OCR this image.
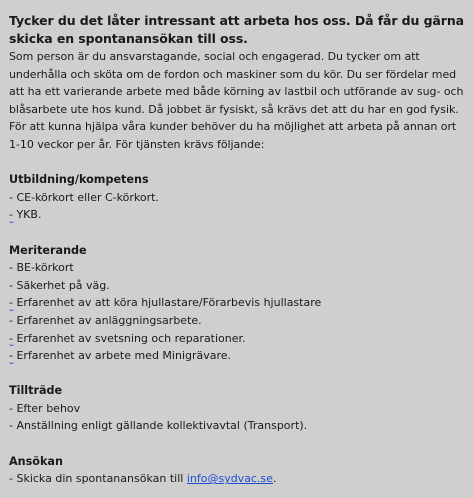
Tycker du det låter intressant att arbeta hos oss. Då får du gärna skicka en spontanansökan till oss.

Som person är du ansvarstagande, social och engagerad. Du tycker om att underhålla och sköta om de fordon och maskiner som du kör. Du ser fördelar med att ha ett varierande arbete med både körning av lastbil och utförande av sug- och blåsarbete ute hos kund. Då jobbet är fysiskt, så krävs det att du har en god fysik. För att kunna hjälpa våra kunder behöver du ha möjlighet att arbeta på annan ort 1-10 veckor per år. För tjänsten krävs följande:

Utbildning/kompetens

- CE-körkort eller C-körkort.
- YKB.

Meriterande

- BE-körkort
- Säkerhet på väg.
- Erfarenhet av att köra hjullastare/Förarbevis hjullastare
- Erfarenhet av anläggningsarbete.
- Erfarenhet av svetsning och reparationer.
- Erfarenhet av arbete med Minigrävare.

Tillträde

- Efter behov
- Anställning enligt gällande kollektivavtal (Transport).

Ansökan

- Skicka din spontanansökan till info@sydvac.se.
